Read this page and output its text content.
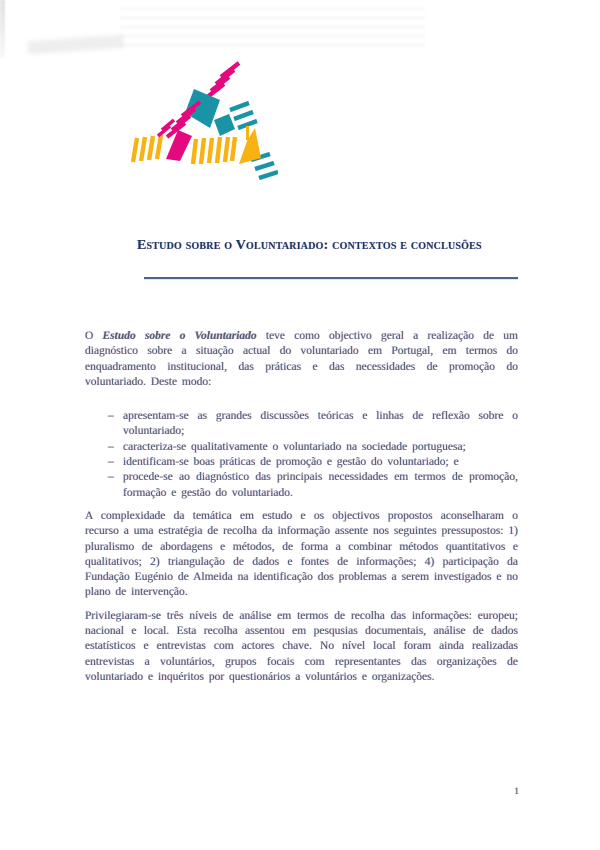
Estudo sobre o Voluntariado: contextos e conclusões

O Estudo sobre o Voluntariado teve como objectivo geral a realização de um diagnóstico sobre a situação actual do voluntariado em Portugal, em termos do enquadramento institucional, das práticas e das necessidades de promoção do voluntariado. Deste modo:

– apresentam-se as grandes discussões teóricas e linhas de reflexão sobre o voluntariado;
– caracteriza-se qualitativamente o voluntariado na sociedade portuguesa;
– identificam-se boas práticas de promoção e gestão do voluntariado; e
– procede-se ao diagnóstico das principais necessidades em termos de promoção, formação e gestão do voluntariado.

A complexidade da temática em estudo e os objectivos propostos aconselharam o recurso a uma estratégia de recolha da informação assente nos seguintes pressupostos: 1) pluralismo de abordagens e métodos, de forma a combinar métodos quantitativos e qualitativos; 2) triangulação de dados e fontes de informações; 4) participação da Fundação Eugénio de Almeida na identificação dos problemas a serem investigados e no plano de intervenção.

Privilegiaram-se três níveis de análise em termos de recolha das informações: europeu; nacional e local. Esta recolha assentou em pesqusias documentais, análise de dados estatísticos e entrevistas com actores chave. No nível local foram ainda realizadas entrevistas a voluntários, grupos focais com representantes das organizações de voluntariado e inquéritos por questionários a voluntários e organizações.

1
